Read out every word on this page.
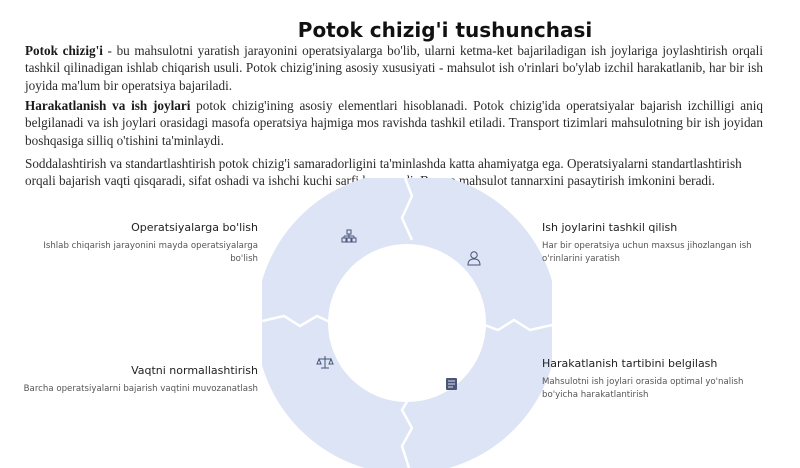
Potok chizig'i tushunchasi
Potok chizig'i - bu mahsulotni yaratish jarayonini operatsiyalarga bo'lib, ularni ketma-ket bajariladigan ish joylariga joylashtirish orqali tashkil qilinadigan ishlab chiqarish usuli. Potok chizig'ining asosiy xususiyati - mahsulot ish o'rinlari bo'ylab izchil harakatlanib, har bir ish joyida ma'lum bir operatsiya bajariladi.
Harakatlanish va ish joylari potok chizig'ining asosiy elementlari hisoblanadi. Potok chizig'ida operatsiyalar bajarish izchilligi aniq belgilanadi va ish joylari orasidagi masofa operatsiya hajmiga mos ravishda tashkil etiladi. Transport tizimlari mahsulotning bir ish joyidan boshqasiga silliq o'tishini ta'minlaydi.
Soddalashtirish va standartlashtirish potok chizig'i samaradorligini ta'minlashda katta ahamiyatga ega. Operatsiyalarni standartlashtirish orqali bajarish vaqti qisqaradi, sifat oshadi va ishchi kuchi sarfi kamayadi. Bu esa mahsulot tannarxini pasaytirish imkonini beradi.
Operatsiyalarga bo'lish
Ishlab chiqarish jarayonini mayda operatsiyalarga bo'lish
Ish joylarini tashkil qilish
Har bir operatsiya uchun maxsus jihozlangan ish o'rinlarini yaratish
Vaqtni normallashtirish
Barcha operatsiyalarni bajarish vaqtini muvozanatlash
Harakatlanish tartibini belgilash
Mahsulotni ish joylari orasida optimal yo'nalish bo'yicha harakatlantirish
